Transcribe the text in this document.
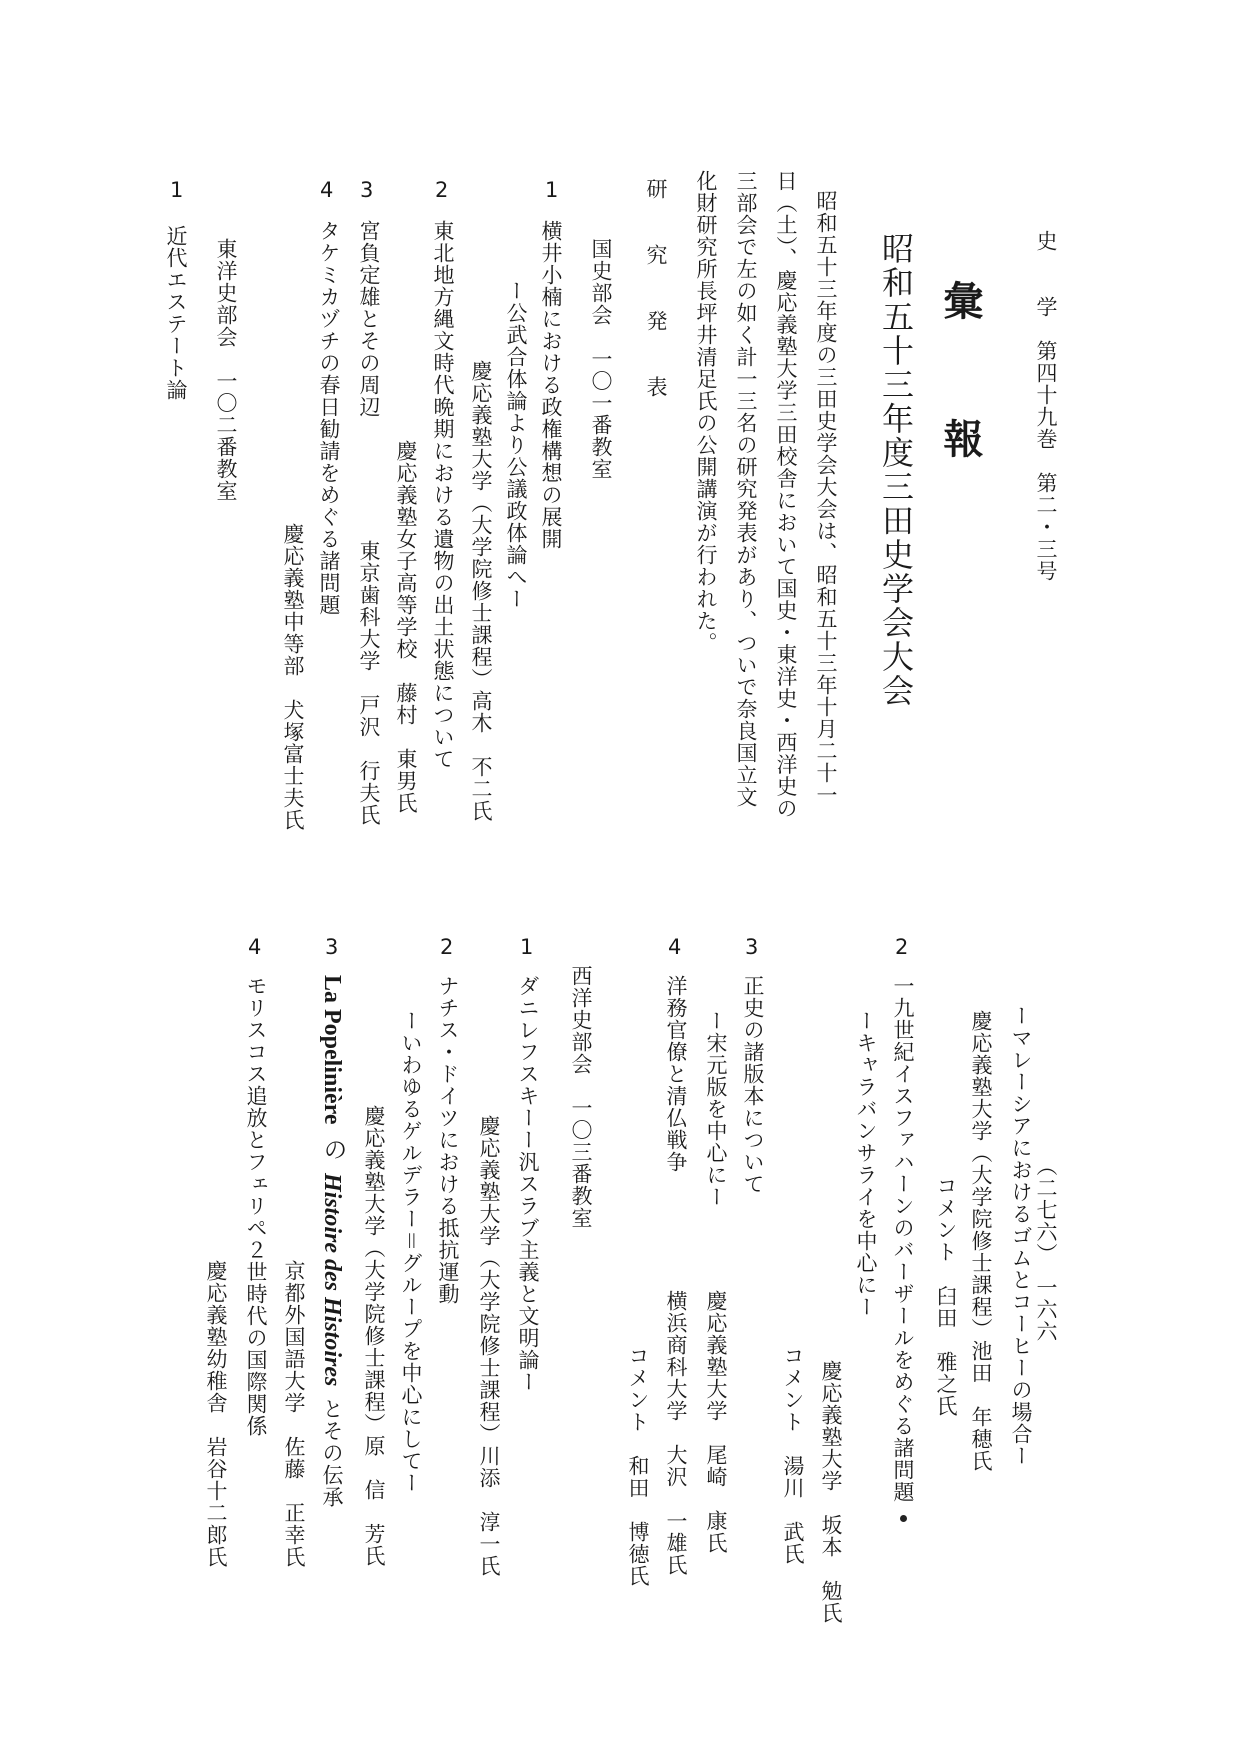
史　　学　第四十九巻　第二・三号
（二七六）　一六六
彙　　報
昭和五十三年度三田史学会大会
昭和五十三年度の三田史学会大会は、昭和五十三年十月二十一
日（土）、慶応義塾大学三田校舎において国史・東洋史・西洋史の
三部会で左の如く計一三名の研究発表があり、ついで奈良国立文
化財研究所長坪井清足氏の公開講演が行われた。
研　　究　　発　　表
国史部会　一〇一番教室
1
横井小楠における政権構想の展開
ー公武合体論より公議政体論へー
慶応義塾大学（大学院修士課程）高木　不二氏
2
東北地方縄文時代晩期における遺物の出土状態について
慶応義塾女子高等学校　藤村　東男氏
3
宮負定雄とその周辺
東京歯科大学　戸沢　行夫氏
4
タケミカヅチの春日勧請をめぐる諸問題
慶応義塾中等部　犬塚富士夫氏
東洋史部会　一〇二番教室
1
近代エステート論
ーマレーシアにおけるゴムとコーヒーの場合ー
慶応義塾大学（大学院修士課程）池田　年穂氏
コメント　臼田　雅之氏
2
一九世紀イスファハーンのバーザールをめぐる諸問題
ーキャラバンサライを中心にー
慶応義塾大学　坂本　勉氏
コメント　湯川　武氏
3
正史の諸版本について
ー宋元版を中心にー
慶応義塾大学　尾崎　康氏
4
洋務官僚と清仏戦争
横浜商科大学　大沢　一雄氏
コメント　和田　博徳氏
西洋史部会　一〇三番教室
1
ダニレフスキーー汎スラブ主義と文明論ー
慶応義塾大学（大学院修士課程）川添　淳一氏
2
ナチス・ドイツにおける抵抗運動
ーいわゆるゲルデラー＝グループを中心にしてー
慶応義塾大学（大学院修士課程）原　信　芳氏
3
La Popelinière の Histoire des Histoires とその伝承
京都外国語大学　佐藤　正幸氏
4
モリスコス追放とフェリペ２世時代の国際関係
慶応義塾幼稚舎　岩谷十二郎氏
